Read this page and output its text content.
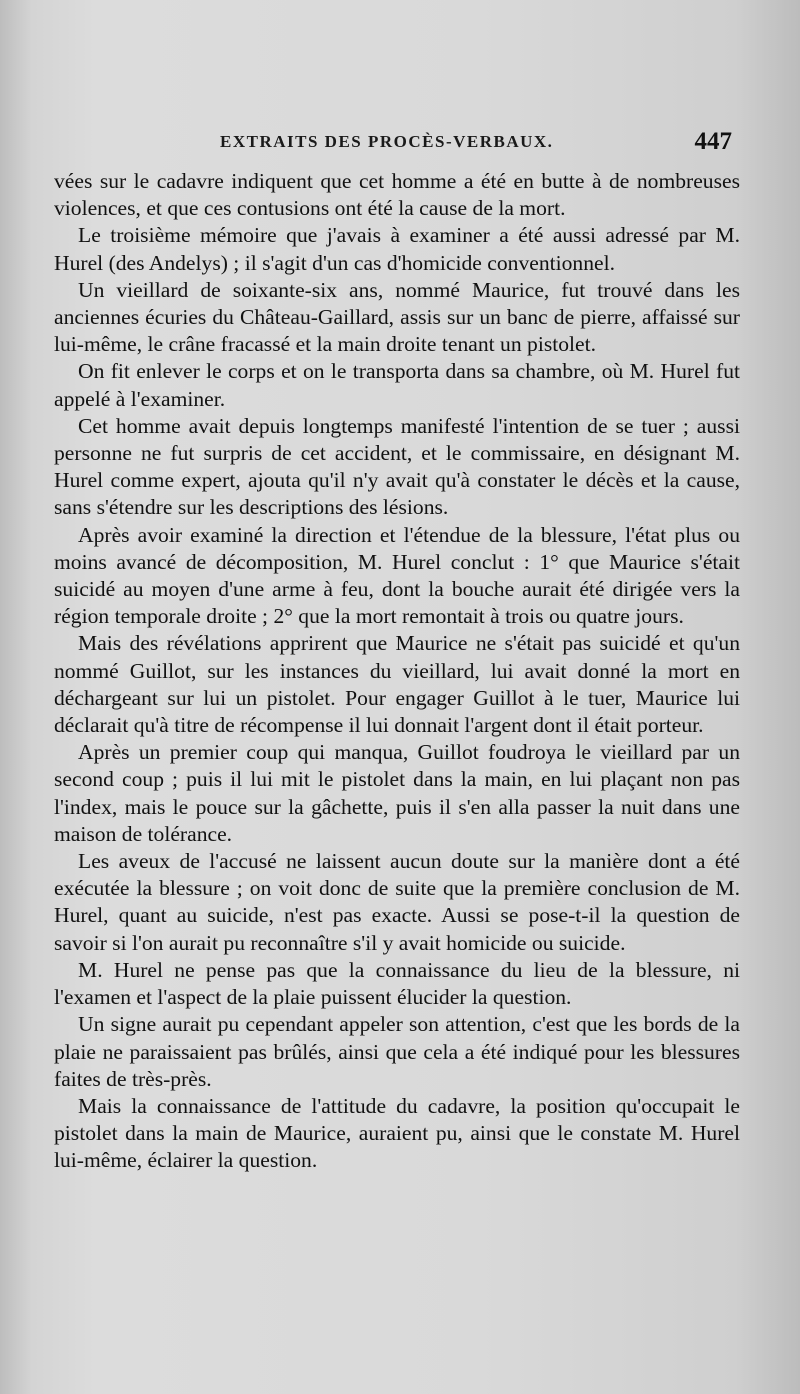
EXTRAITS DES PROCÈS-VERBAUX.	447

vées sur le cadavre indiquent que cet homme a été en butte à de nombreuses violences, et que ces contusions ont été la cause de la mort.

Le troisième mémoire que j'avais à examiner a été aussi adressé par M. Hurel (des Andelys) ; il s'agit d'un cas d'homicide conventionnel.

Un vieillard de soixante-six ans, nommé Maurice, fut trouvé dans les anciennes écuries du Château-Gaillard, assis sur un banc de pierre, affaissé sur lui-même, le crâne fracassé et la main droite tenant un pistolet.

On fit enlever le corps et on le transporta dans sa chambre, où M. Hurel fut appelé à l'examiner.

Cet homme avait depuis longtemps manifesté l'intention de se tuer ; aussi personne ne fut surpris de cet accident, et le commissaire, en désignant M. Hurel comme expert, ajouta qu'il n'y avait qu'à constater le décès et la cause, sans s'étendre sur les descriptions des lésions.

Après avoir examiné la direction et l'étendue de la blessure, l'état plus ou moins avancé de décomposition, M. Hurel conclut : 1° que Maurice s'était suicidé au moyen d'une arme à feu, dont la bouche aurait été dirigée vers la région temporale droite ; 2° que la mort remontait à trois ou quatre jours.

Mais des révélations apprirent que Maurice ne s'était pas suicidé et qu'un nommé Guillot, sur les instances du vieillard, lui avait donné la mort en déchargeant sur lui un pistolet. Pour engager Guillot à le tuer, Maurice lui déclarait qu'à titre de récompense il lui donnait l'argent dont il était porteur.

Après un premier coup qui manqua, Guillot foudroya le vieillard par un second coup ; puis il lui mit le pistolet dans la main, en lui plaçant non pas l'index, mais le pouce sur la gâchette, puis il s'en alla passer la nuit dans une maison de tolérance.

Les aveux de l'accusé ne laissent aucun doute sur la manière dont a été exécutée la blessure ; on voit donc de suite que la première conclusion de M. Hurel, quant au suicide, n'est pas exacte. Aussi se pose-t-il la question de savoir si l'on aurait pu reconnaître s'il y avait homicide ou suicide.

M. Hurel ne pense pas que la connaissance du lieu de la blessure, ni l'examen et l'aspect de la plaie puissent élucider la question.

Un signe aurait pu cependant appeler son attention, c'est que les bords de la plaie ne paraissaient pas brûlés, ainsi que cela a été indiqué pour les blessures faites de très-près.

Mais la connaissance de l'attitude du cadavre, la position qu'occupait le pistolet dans la main de Maurice, auraient pu, ainsi que le constate M. Hurel lui-même, éclairer la question.
